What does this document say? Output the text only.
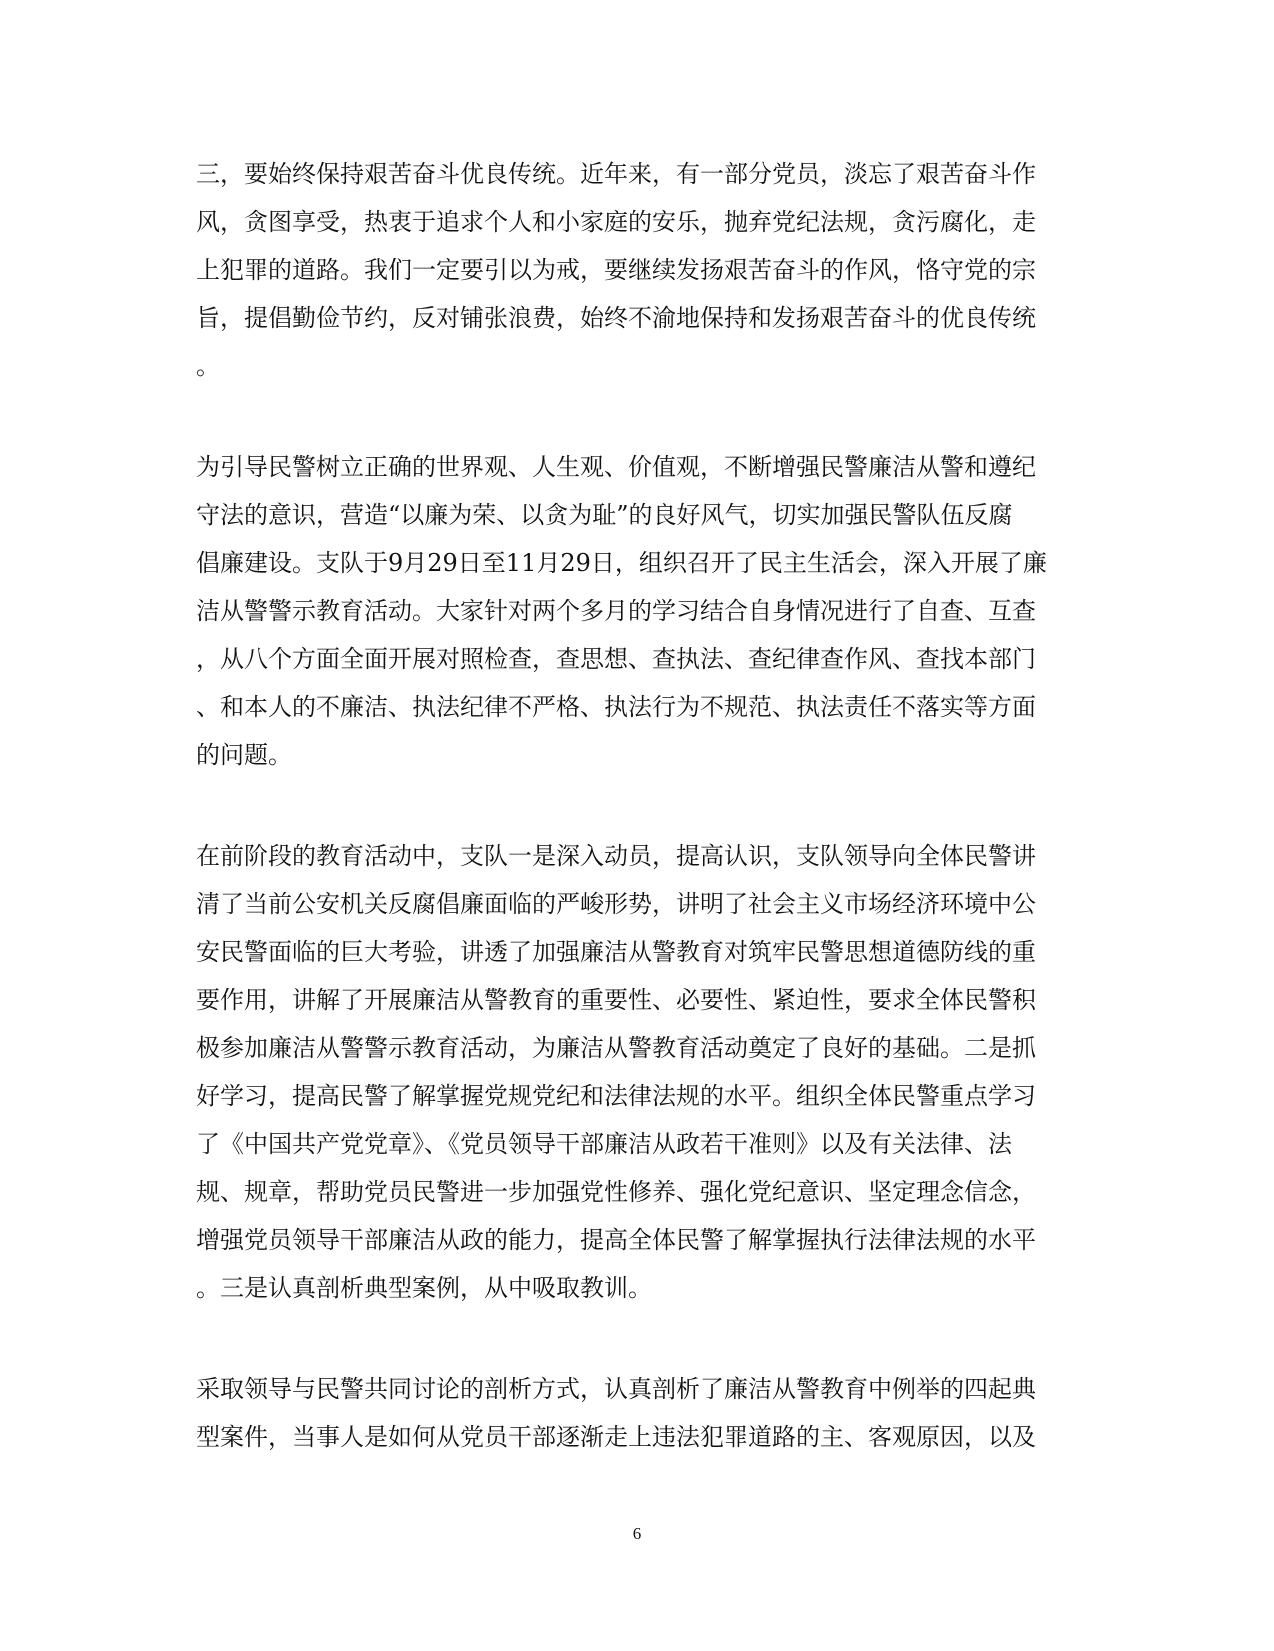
三，要始终保持艰苦奋斗优良传统。近年来，有一部分党员，淡忘了艰苦奋斗作
风，贪图享受，热衷于追求个人和小家庭的安乐，抛弃党纪法规，贪污腐化，走
上犯罪的道路。我们一定要引以为戒，要继续发扬艰苦奋斗的作风，恪守党的宗
旨，提倡勤俭节约，反对铺张浪费，始终不渝地保持和发扬艰苦奋斗的优良传统
。
为引导民警树立正确的世界观、人生观、价值观，不断增强民警廉洁从警和遵纪
守法的意识，营造“以廉为荣、以贪为耻”的良好风气，切实加强民警队伍反腐
倡廉建设。支队于9月29日至11月29日，组织召开了民主生活会，深入开展了廉
洁从警警示教育活动。大家针对两个多月的学习结合自身情况进行了自查、互查
，从八个方面全面开展对照检查，查思想、查执法、查纪律查作风、查找本部门
、和本人的不廉洁、执法纪律不严格、执法行为不规范、执法责任不落实等方面
的问题。
在前阶段的教育活动中，支队一是深入动员，提高认识，支队领导向全体民警讲
清了当前公安机关反腐倡廉面临的严峻形势，讲明了社会主义市场经济环境中公
安民警面临的巨大考验，讲透了加强廉洁从警教育对筑牢民警思想道德防线的重
要作用，讲解了开展廉洁从警教育的重要性、必要性、紧迫性，要求全体民警积
极参加廉洁从警警示教育活动，为廉洁从警教育活动奠定了良好的基础。二是抓
好学习，提高民警了解掌握党规党纪和法律法规的水平。组织全体民警重点学习
了《中国共产党党章》、《党员领导干部廉洁从政若干准则》以及有关法律、法
规、规章，帮助党员民警进一步加强党性修养、强化党纪意识、坚定理念信念，
增强党员领导干部廉洁从政的能力，提高全体民警了解掌握执行法律法规的水平
。三是认真剖析典型案例，从中吸取教训。
采取领导与民警共同讨论的剖析方式，认真剖析了廉洁从警教育中例举的四起典
型案件，当事人是如何从党员干部逐渐走上违法犯罪道路的主、客观原因，以及
6
